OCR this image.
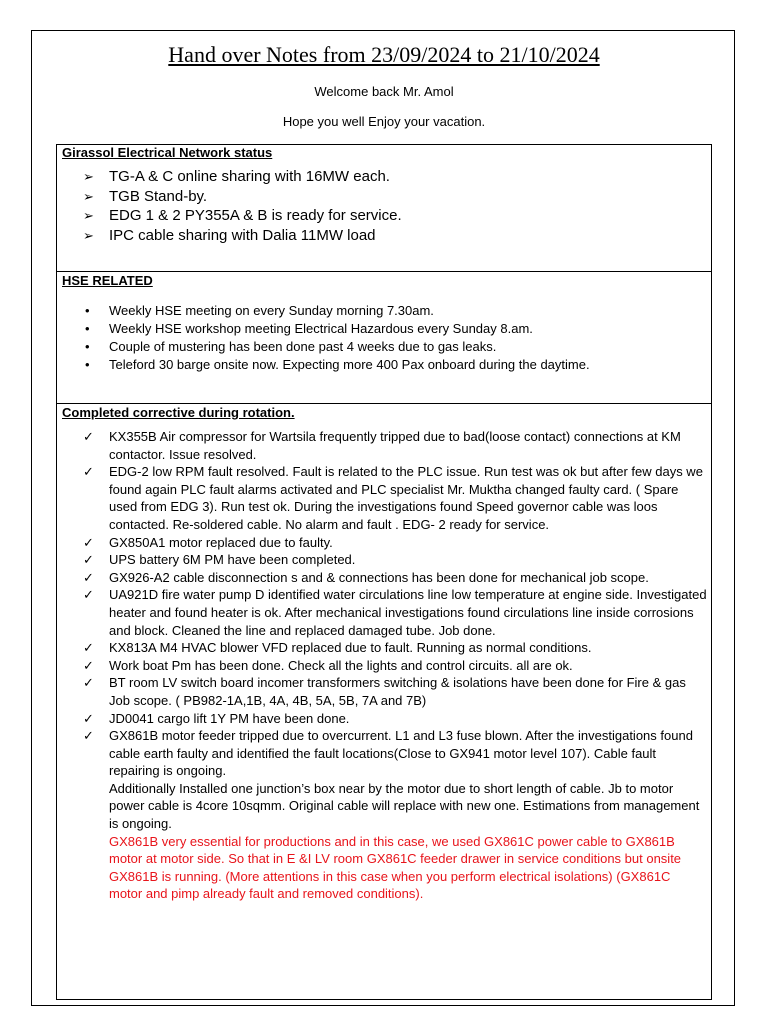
Hand over Notes from 23/09/2024 to 21/10/2024
Welcome back Mr. Amol
Hope you well Enjoy your vacation.
Girassol Electrical Network status
➢ TG-A & C online sharing with 16MW each.
➢ TGB Stand-by.
➢ EDG 1 & 2 PY355A & B is ready for service.
➢ IPC cable sharing with Dalia 11MW load
HSE RELATED
• Weekly HSE meeting on every Sunday morning 7.30am.
• Weekly HSE workshop meeting Electrical Hazardous every Sunday 8.am.
• Couple of mustering has been done past 4 weeks due to gas leaks.
• Teleford 30 barge onsite now. Expecting more 400 Pax onboard during the daytime.
Completed corrective during rotation.
✓ KX355B Air compressor for Wartsila frequently tripped due to bad(loose contact) connections at KM contactor. Issue resolved.
✓ EDG-2 low RPM fault resolved. Fault is related to the PLC issue. Run test was ok but after few days we found again PLC fault alarms activated and PLC specialist Mr. Muktha changed faulty card. ( Spare used from EDG 3). Run test ok. During the investigations found Speed governor cable was loos contacted. Re-soldered cable. No alarm and fault . EDG- 2 ready for service.
✓ GX850A1 motor replaced due to faulty.
✓ UPS battery 6M PM have been completed.
✓ GX926-A2 cable disconnection s and & connections has been done for mechanical job scope.
✓ UA921D fire water pump D identified water circulations line low temperature at engine side. Investigated heater and found heater is ok. After mechanical investigations found circulations line inside corrosions and block. Cleaned the line and replaced damaged tube. Job done.
✓ KX813A M4 HVAC blower VFD replaced due to fault. Running as normal conditions.
✓ Work boat Pm has been done. Check all the lights and control circuits. all are ok.
✓ BT room LV switch board incomer transformers switching & isolations have been done for Fire & gas Job scope. ( PB982-1A,1B, 4A, 4B, 5A, 5B, 7A and 7B)
✓ JD0041 cargo lift 1Y PM have been done.
✓ GX861B motor feeder tripped due to overcurrent. L1 and L3 fuse blown. After the investigations found cable earth faulty and identified the fault locations(Close to GX941 motor level 107). Cable fault repairing is ongoing.
Additionally Installed one junction’s box near by the motor due to short length of cable. Jb to motor power cable is 4core 10sqmm. Original cable will replace with new one. Estimations from management is ongoing.
GX861B very essential for productions and in this case, we used GX861C power cable to GX861B motor at motor side. So that in E &I LV room GX861C feeder drawer in service conditions but onsite GX861B is running. (More attentions in this case when you perform electrical isolations) (GX861C motor and pimp already fault and removed conditions).
